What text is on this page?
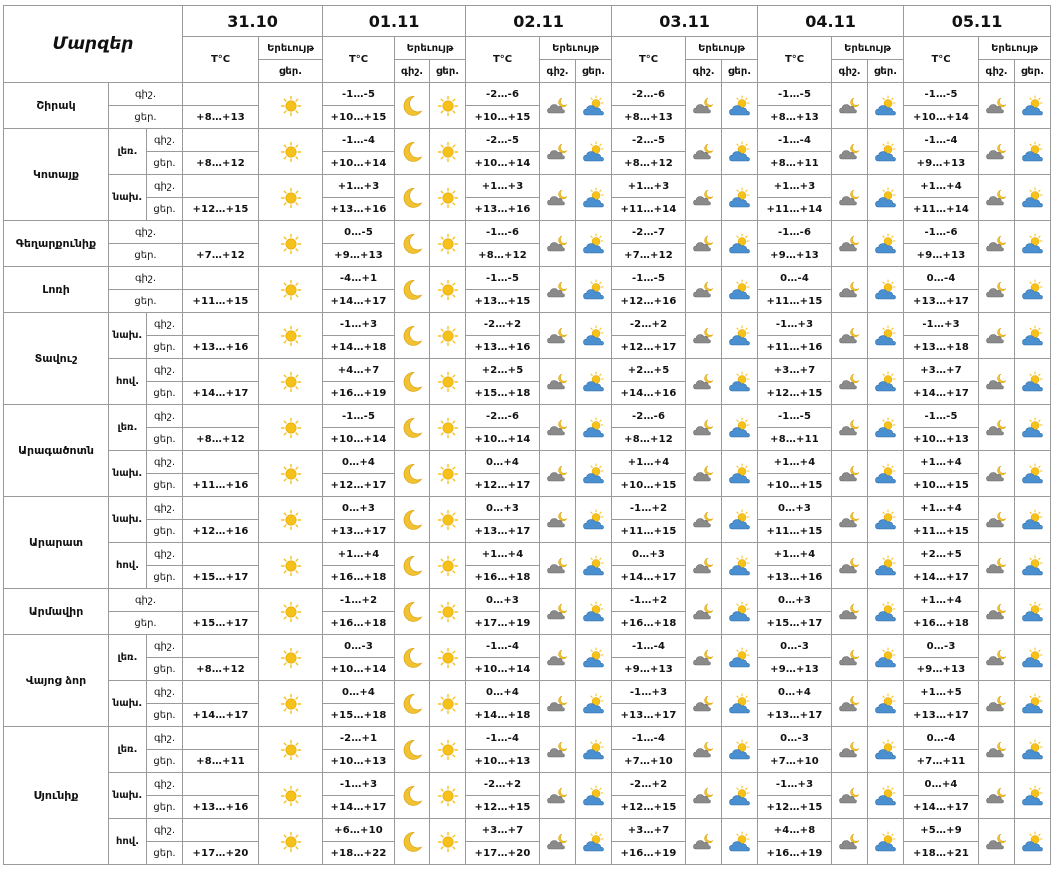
Մարզեր			31.10		01.11			02.11			03.11			04.11			05.11		
			T°C	Երեւույթ	T°C	Երեւույթ		T°C	Երեւույթ		T°C	Երեւույթ		T°C	Երեւույթ		T°C	Երեւույթ	
				ցեր.		գիշ.	ցեր.		գիշ.	ցեր.		գիշ.	ցեր.		գիշ.	ցեր.		գիշ.	ցեր.
Շիրակ	գիշ.				-1…-5			-2…-6			-2…-6			-1…-5			-1…-5	

	ցեր.		+8…+13		+10…+15			+10…+15			+8…+13			+8…+13			+10…+14		
Կոտայք	լեռ.	գիշ.			-1…-4			-2…-5			-2…-5			-1…-4			-1…-4	

		ցեր.	+8…+12		+10…+14			+10…+14			+8…+12			+8…+11			+9…+13		
	նախ.	գիշ.			+1…+3			+1…+3			+1…+3			+1…+3			+1…+4	

		ցեր.	+12…+15		+13…+16			+13…+16			+11…+14			+11…+14			+11…+14		
Գեղարքունիք	գիշ.				0…-5			-1…-6			-2…-7			-1…-6			-1…-6	

	ցեր.		+7…+12		+9…+13			+8…+12			+7…+12			+9…+13			+9…+13		
Լոռի	գիշ.				-4…+1			-1…-5			-1…-5			0…-4			0…-4	

	ցեր.		+11…+15		+14…+17			+13…+15			+12…+16			+11…+15			+13…+17		
Տավուշ	նախ.	գիշ.			-1…+3			-2…+2			-2…+2			-1…+3			-1…+3	

		ցեր.	+13…+16		+14…+18			+13…+16			+12…+17			+11…+16			+13…+18		
	հով.	գիշ.			+4…+7			+2…+5			+2…+5			+3…+7			+3…+7	

		ցեր.	+14…+17		+16…+19			+15…+18			+14…+16			+12…+15			+14…+17		
Արագածոտն	լեռ.	գիշ.			-1…-5			-2…-6			-2…-6			-1…-5			-1…-5	

		ցեր.	+8…+12		+10…+14			+10…+14			+8…+12			+8…+11			+10…+13		
	նախ.	գիշ.			0…+4			0…+4			+1…+4			+1…+4			+1…+4	

		ցեր.	+11…+16		+12…+17			+12…+17			+10…+15			+10…+15			+10…+15		
Արարատ	նախ.	գիշ.			0…+3			0…+3			-1…+2			0…+3			+1…+4	

		ցեր.	+12…+16		+13…+17			+13…+17			+11…+15			+11…+15			+11…+15		
	հով.	գիշ.			+1…+4			+1…+4			0…+3			+1…+4			+2…+5	

		ցեր.	+15…+17		+16…+18			+16…+18			+14…+17			+13…+16			+14…+17		
Արմավիր	գիշ.				-1…+2			0…+3			-1…+2			0…+3			+1…+4	

	ցեր.		+15…+17		+16…+18			+17…+19			+16…+18			+15…+17			+16…+18		
Վայոց ձոր	լեռ.	գիշ.			0…-3			-1…-4			-1…-4			0…-3			0…-3	

		ցեր.	+8…+12		+10…+14			+10…+14			+9…+13			+9…+13			+9…+13		
	նախ.	գիշ.			0…+4			0…+4			-1…+3			0…+4			+1…+5	

		ցեր.	+14…+17		+15…+18			+14…+18			+13…+17			+13…+17			+13…+17		
Սյունիք	լեռ.	գիշ.			-2…+1			-1…-4			-1…-4			0…-3			0…-4	

		ցեր.	+8…+11		+10…+13			+10…+13			+7…+10			+7…+10			+7…+11		
	նախ.	գիշ.			-1…+3			-2…+2			-2…+2			-1…+3			0…+4	

		ցեր.	+13…+16		+14…+17			+12…+15			+12…+15			+12…+15			+14…+17		
	հով.	գիշ.			+6…+10			+3…+7			+3…+7			+4…+8			+5…+9	

		ցեր.	+17…+20		+18…+22			+17…+20			+16…+19			+16…+19			+18…+21		
